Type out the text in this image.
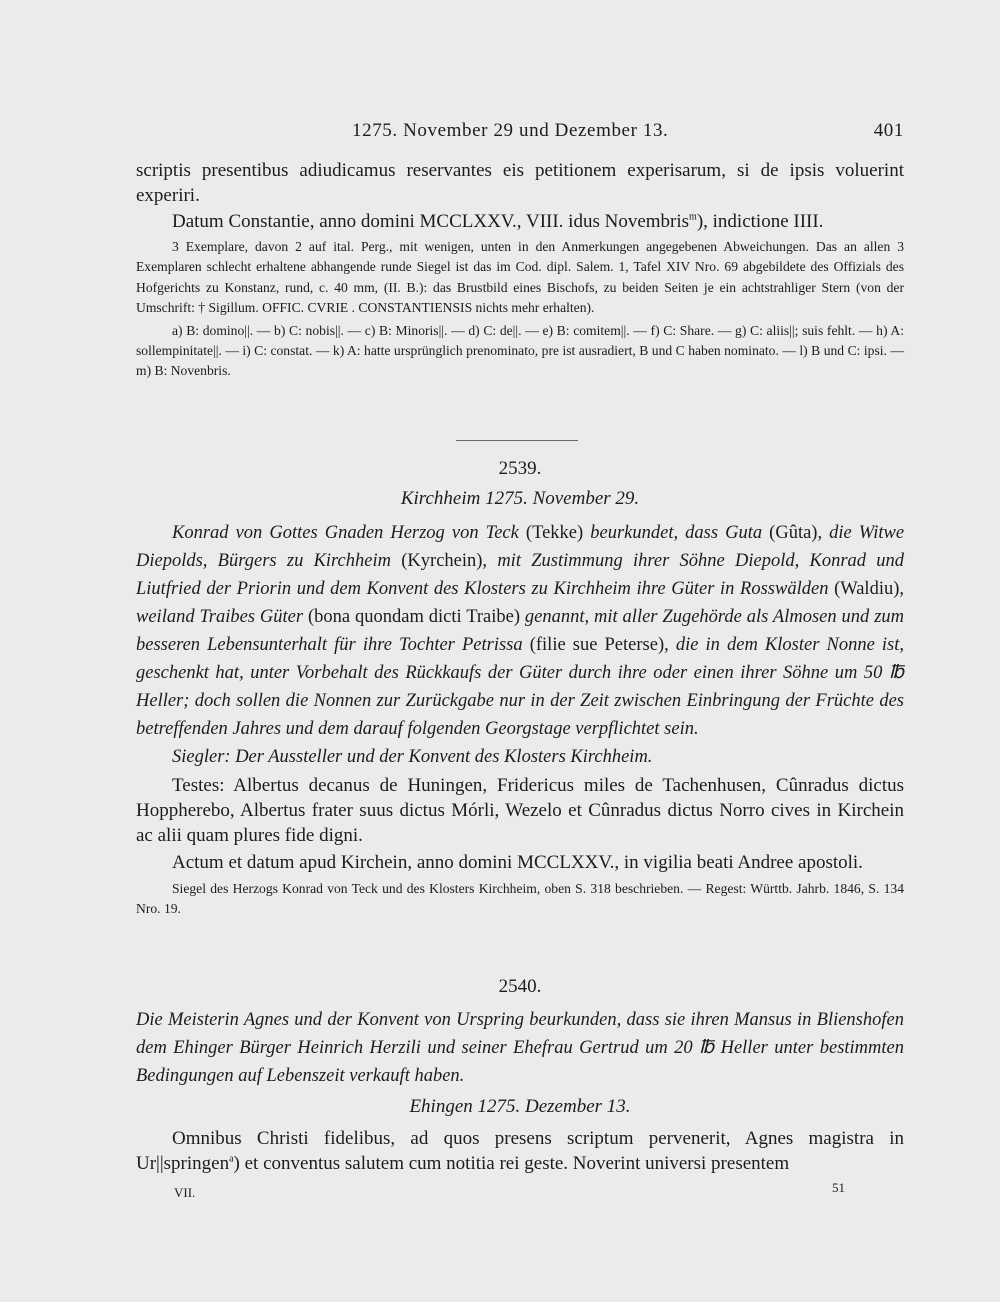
1275. November 29 und Dezember 13.	401

scriptis presentibus adiudicamus reservantes eis petitionem experisarum, si de ipsis voluerint experiri.

Datum Constantie, anno domini MCCLXXV., VIII. idus Novembris$^m$), indictione IIII.

3 Exemplare, davon 2 auf ital. Perg., mit wenigen, unten in den Anmerkungen angegebenen Abweichungen. Das an allen 3 Exemplaren schlecht erhaltene abhangende runde Siegel ist das im Cod. dipl. Salem. 1, Tafel XIV Nro. 69 abgebildete des Offizials des Hofgerichts zu Konstanz, rund, c. 40 mm, (II. B.): das Brustbild eines Bischofs, zu beiden Seiten je ein achtstrahliger Stern (von der Umschrift: † Sigillum. OFFIC. CVRIE . CONSTANTIENSIS nichts mehr erhalten).

a) B: domino||. — b) C: nobis||. — c) B: Minoris||. — d) C: de||. — e) B: comitem||. — f) C: Share. — g) C: aliis||; suis fehlt. — h) A: sollempinitate||. — i) C: constat. — k) A: hatte ursprünglich prenominato, pre ist ausradiert, B und C haben nominato. — l) B und C: ipsi. — m) B: Novenbris.

2539.

Kirchheim 1275. November 29.

Konrad von Gottes Gnaden Herzog von Teck (Tekke) beurkundet, dass Guta (Gûta), die Witwe Diepolds, Bürgers zu Kirchheim (Kyrchein), mit Zustimmung ihrer Söhne Diepold, Konrad und Liutfried der Priorin und dem Konvent des Klosters zu Kirchheim ihre Güter in Rosswälden (Waldiu), weiland Traibes Güter (bona quondam dicti Traibe) genannt, mit aller Zugehörde als Almosen und zum besseren Lebensunterhalt für ihre Tochter Petrissa (filie sue Peterse), die in dem Kloster Nonne ist, geschenkt hat, unter Vorbehalt des Rückkaufs der Güter durch ihre oder einen ihrer Söhne um 50 ℔ Heller; doch sollen die Nonnen zur Zurückgabe nur in der Zeit zwischen Einbringung der Früchte des betreffenden Jahres und dem darauf folgenden Georgstage verpflichtet sein.

Siegler: Der Aussteller und der Konvent des Klosters Kirchheim.

Testes: Albertus decanus de Huningen, Fridericus miles de Tachenhusen, Cûnradus dictus Hoppherebo, Albertus frater suus dictus Mórli, Wezelo et Cûnradus dictus Norro cives in Kirchein ac alii quam plures fide digni.

Actum et datum apud Kirchein, anno domini MCCLXXV., in vigilia beati Andree apostoli.

Siegel des Herzogs Konrad von Teck und des Klosters Kirchheim, oben S. 318 beschrieben. — Regest: Württb. Jahrb. 1846, S. 134 Nro. 19.

2540.

Die Meisterin Agnes und der Konvent von Urspring beurkunden, dass sie ihren Mansus in Blienshofen dem Ehinger Bürger Heinrich Herzili und seiner Ehefrau Gertrud um 20 ℔ Heller unter bestimmten Bedingungen auf Lebenszeit verkauft haben.

Ehingen 1275. Dezember 13.

Omnibus Christi fidelibus, ad quos presens scriptum pervenerit, Agnes magistra in Ur||springen$^a$) et conventus salutem cum notitia rei geste. Noverint universi presentem

VII.	51
